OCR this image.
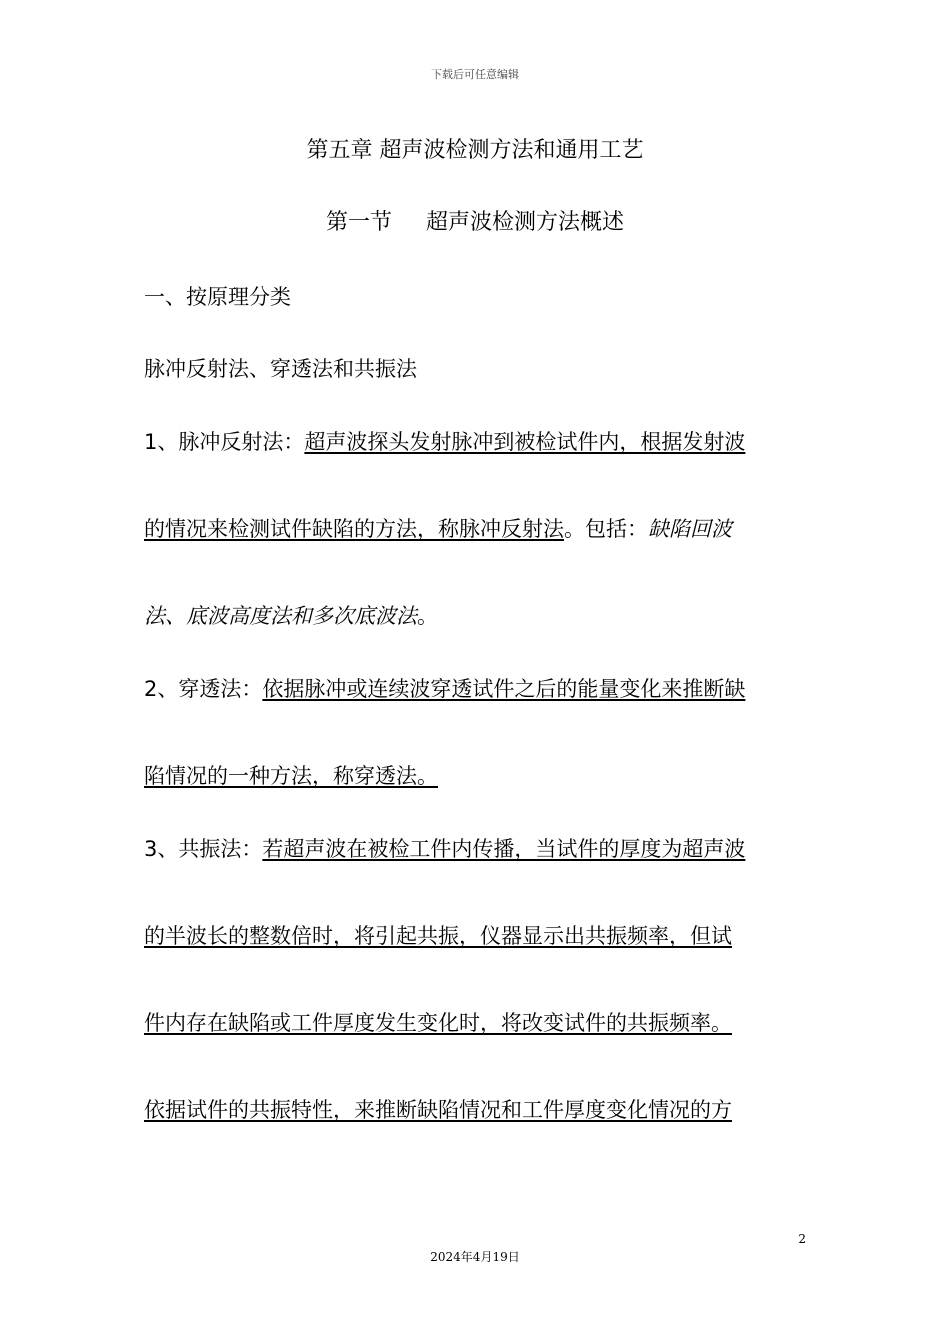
下载后可任意编辑
第五章 超声波检测方法和通用工艺
第一节 超声波检测方法概述
一、按原理分类
脉冲反射法、穿透法和共振法
1、脉冲反射法：超声波探头发射脉冲到被检试件内，根据发射波
的情况来检测试件缺陷的方法，称脉冲反射法。包括：缺陷回波
法、底波高度法和多次底波法。
2、穿透法：依据脉冲或连续波穿透试件之后的能量变化来推断缺
陷情况的一种方法，称穿透法。
3、共振法：若超声波在被检工件内传播，当试件的厚度为超声波
的半波长的整数倍时，将引起共振，仪器显示出共振频率，但试
件内存在缺陷或工件厚度发生变化时，将改变试件的共振频率。
依据试件的共振特性，来推断缺陷情况和工件厚度变化情况的方
2
2024年4月19日
